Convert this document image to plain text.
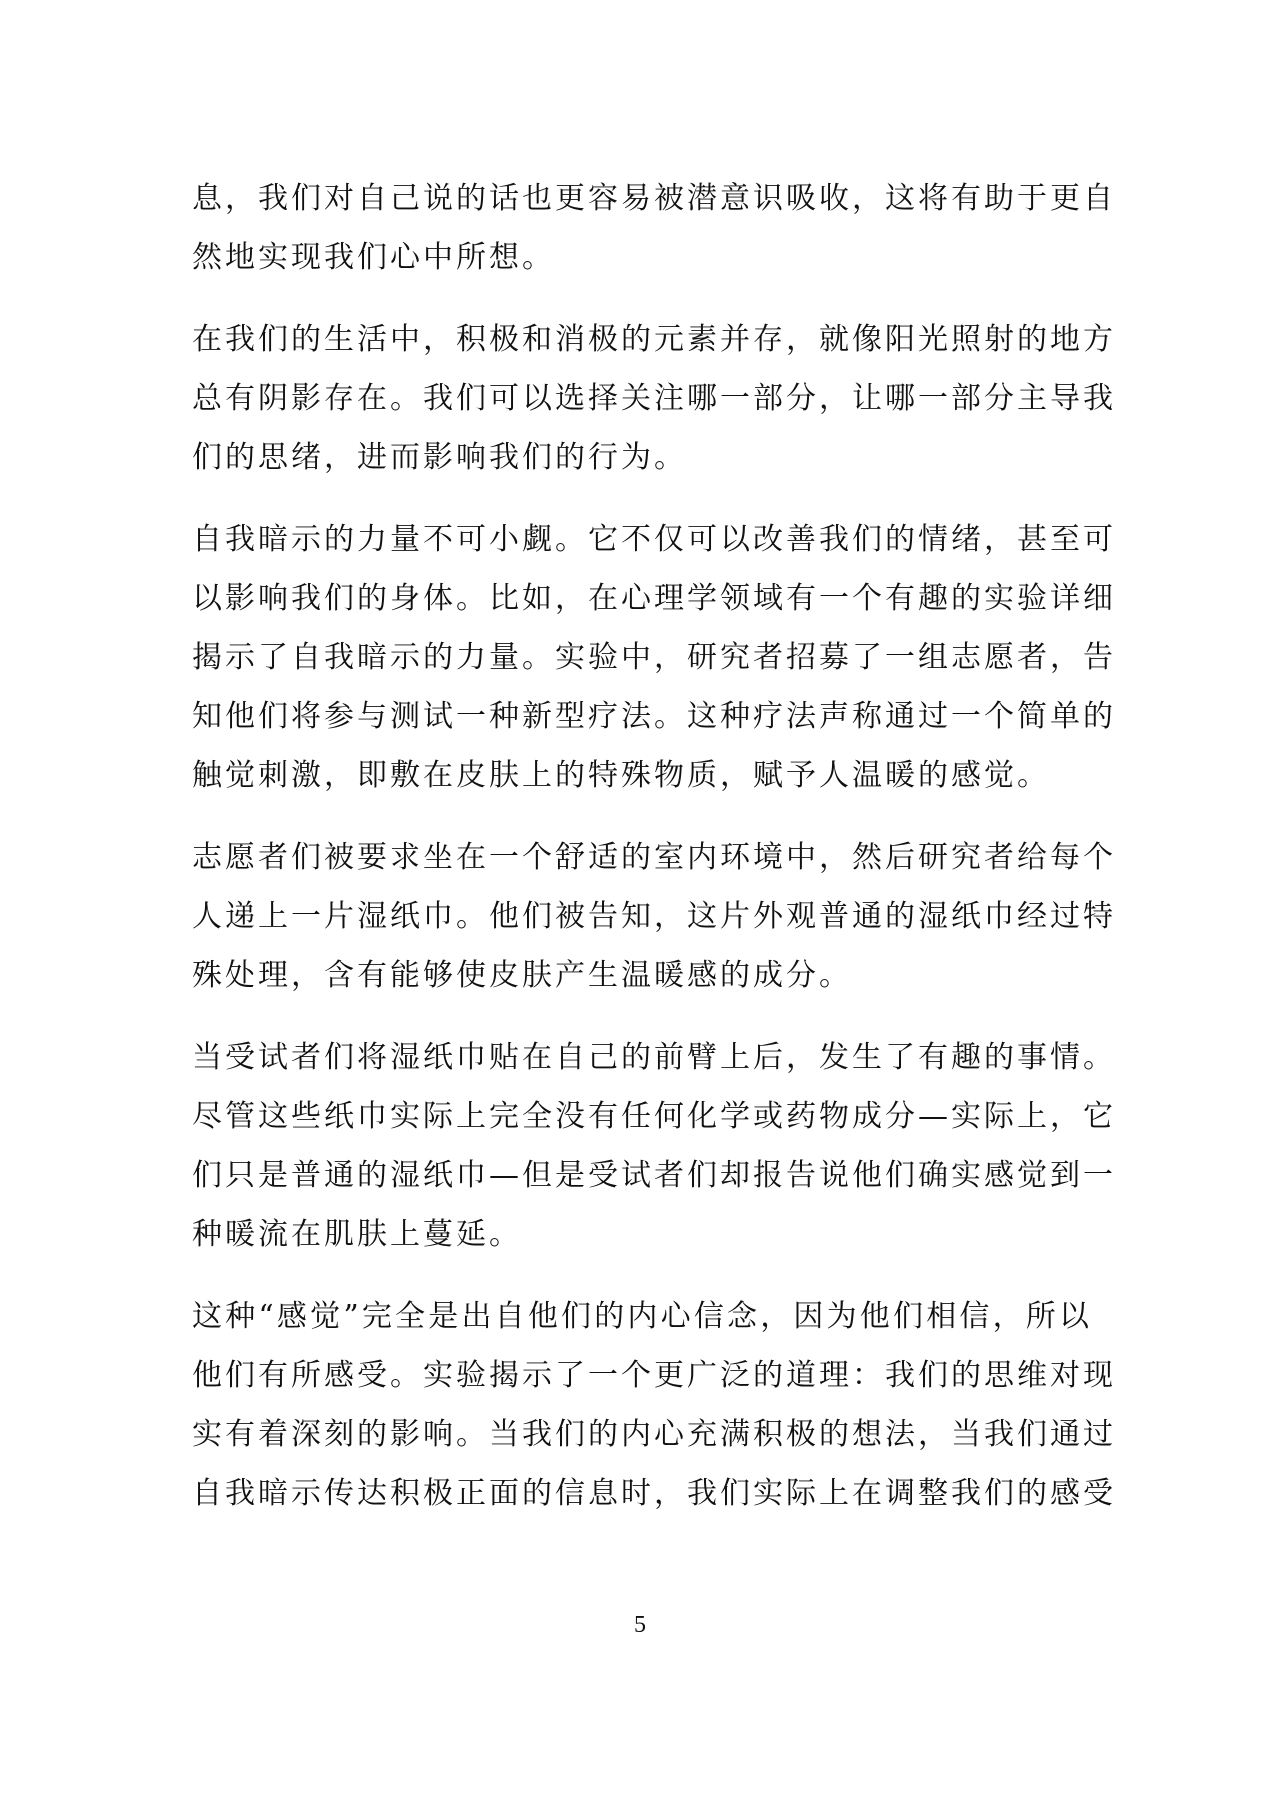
息，我们对自己说的话也更容易被潜意识吸收，这将有助于更自
然地实现我们心中所想。
在我们的生活中，积极和消极的元素并存，就像阳光照射的地方
总有阴影存在。我们可以选择关注哪一部分，让哪一部分主导我
们的思绪，进而影响我们的行为。
自我暗示的力量不可小觑。它不仅可以改善我们的情绪，甚至可
以影响我们的身体。比如，在心理学领域有一个有趣的实验详细
揭示了自我暗示的力量。实验中，研究者招募了一组志愿者，告
知他们将参与测试一种新型疗法。这种疗法声称通过一个简单的
触觉刺激，即敷在皮肤上的特殊物质，赋予人温暖的感觉。
志愿者们被要求坐在一个舒适的室内环境中，然后研究者给每个
人递上一片湿纸巾。他们被告知，这片外观普通的湿纸巾经过特
殊处理，含有能够使皮肤产生温暖感的成分。
当受试者们将湿纸巾贴在自己的前臂上后，发生了有趣的事情。
尽管这些纸巾实际上完全没有任何化学或药物成分—实际上，它
们只是普通的湿纸巾—但是受试者们却报告说他们确实感觉到一
种暖流在肌肤上蔓延。
这种“感觉”完全是出自他们的内心信念，因为他们相信，所以
他们有所感受。实验揭示了一个更广泛的道理：我们的思维对现
实有着深刻的影响。当我们的内心充满积极的想法，当我们通过
自我暗示传达积极正面的信息时，我们实际上在调整我们的感受
5
